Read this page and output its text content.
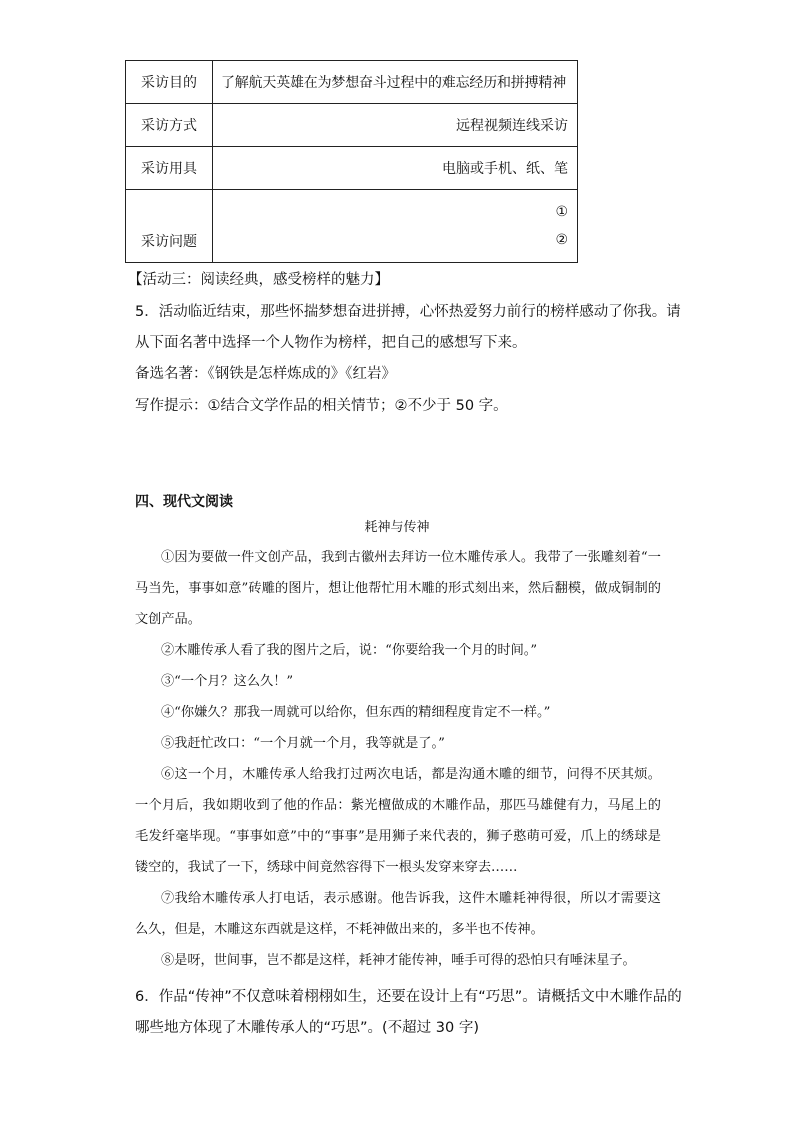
采访目的	了解航天英雄在为梦想奋斗过程中的难忘经历和拼搏精神
采访方式	远程视频连线采访
采访用具	电脑或手机、纸、笔

采访问题	①
②
【活动三：阅读经典，感受榜样的魅力】
5．活动临近结束，那些怀揣梦想奋进拼搏，心怀热爱努力前行的榜样感动了你我。请
从下面名著中选择一个人物作为榜样，把自己的感想写下来。
备选名著：《钢铁是怎样炼成的》《红岩》
写作提示：①结合文学作品的相关情节；②不少于 50 字。
四、现代文阅读
耗神与传神
①因为要做一件文创产品，我到古徽州去拜访一位木雕传承人。我带了一张雕刻着“一马当先，事事如意”砖雕的图片，想让他帮忙用木雕的形式刻出来，然后翻模，做成铜制的文创产品。
②木雕传承人看了我的图片之后，说：“你要给我一个月的时间。”
③“一个月？这么久！”
④“你嫌久？那我一周就可以给你，但东西的精细程度肯定不一样。”
⑤我赶忙改口：“一个月就一个月，我等就是了。”
⑥这一个月，木雕传承人给我打过两次电话，都是沟通木雕的细节，问得不厌其烦。一个月后，我如期收到了他的作品：紫光檀做成的木雕作品，那匹马雄健有力，马尾上的毛发纤毫毕现。“事事如意”中的“事事”是用狮子来代表的，狮子憨萌可爱，爪上的绣球是镂空的，我试了一下，绣球中间竟然容得下一根头发穿来穿去……
⑦我给木雕传承人打电话，表示感谢。他告诉我，这件木雕耗神得很，所以才需要这么久，但是，木雕这东西就是这样，不耗神做出来的，多半也不传神。
⑧是呀，世间事，岂不都是这样，耗神才能传神，唾手可得的恐怕只有唾沫星子。
6．作品“传神”不仅意味着栩栩如生，还要在设计上有“巧思”。请概括文中木雕作品的
哪些地方体现了木雕传承人的“巧思”。(不超过 30 字)
